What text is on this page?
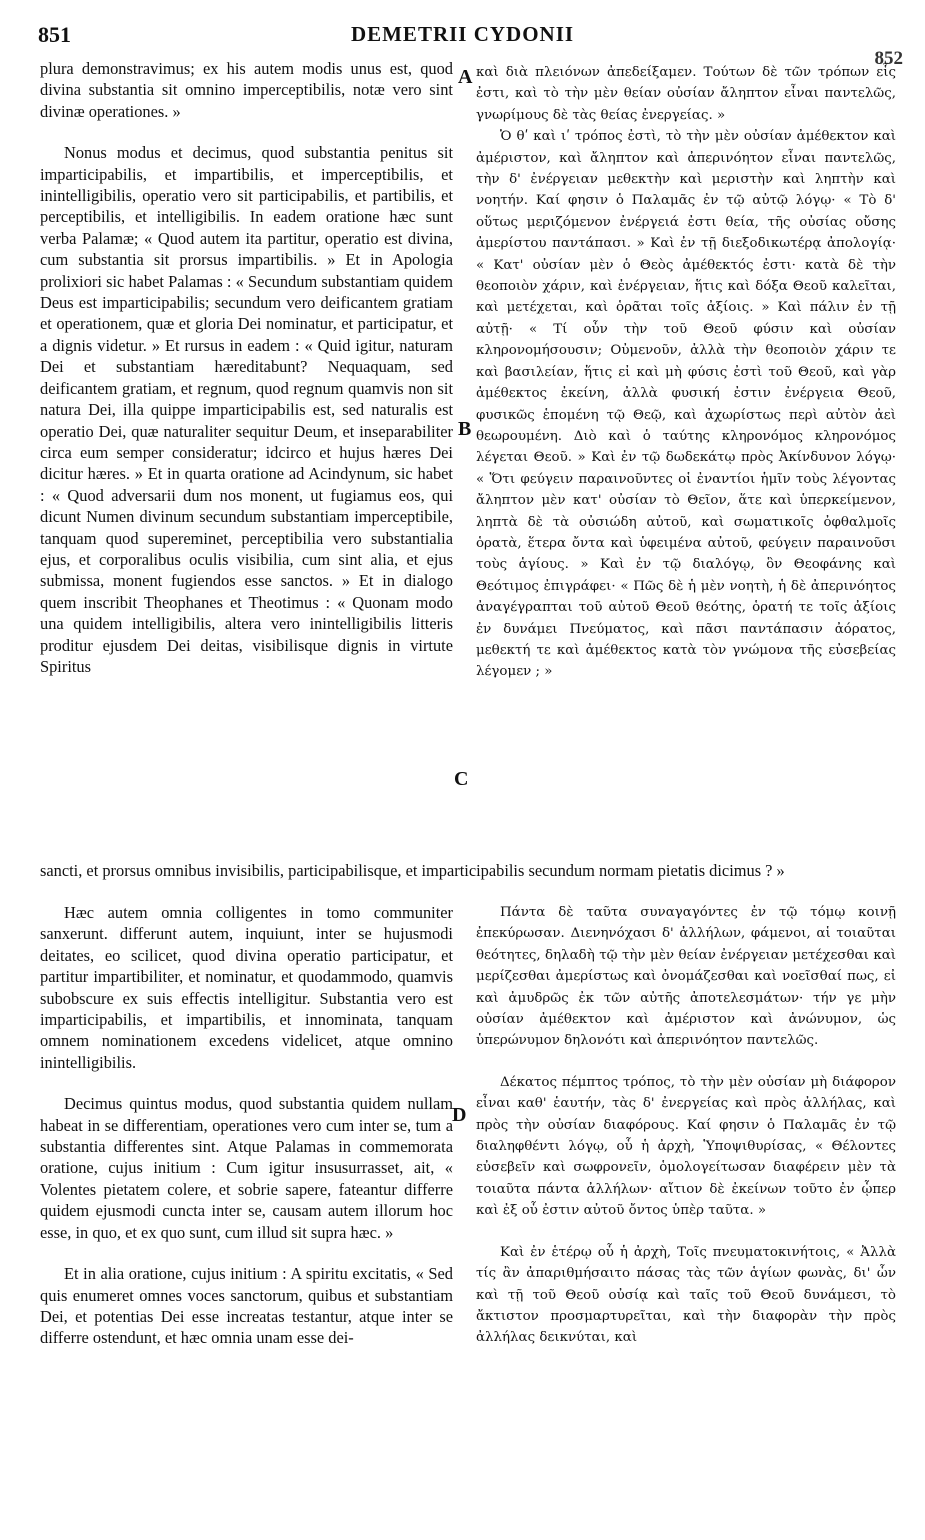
851	DEMETRII CYDONII
852

plura demonstravimus; ex his autem modis unus est, quod divina substantia sit omnino imperceptibilis, notæ vero sint divinæ operationes. »

Nonus modus et decimus, quod substantia penitus sit imparticipabilis, et impartibilis, et imperceptibilis, et inintelligibilis, operatio vero sit participabilis, et partibilis, et perceptibilis, et intelligibilis. In eadem oratione hæc sunt verba Palamæ; « Quod autem ita partitur, operatio est divina, cum substantia sit prorsus impartibilis. » Et in Apologia prolixiori sic habet Palamas : « Secundum substantiam quidem Deus est imparticipabilis; secundum vero deificantem gratiam et operationem, quæ et gloria Dei nominatur, et participatur, et a dignis videtur. » Et rursus in eadem : « Quid igitur, naturam Dei et substantiam hæreditabunt? Nequaquam, sed deificantem gratiam, et regnum, quod regnum quamvis non sit natura Dei, illa quippe imparticipabilis est, sed naturalis est operatio Dei, quæ naturaliter sequitur Deum, et inseparabiliter circa eum semper consideratur; idcirco et hujus hæres Dei dicitur hæres. » Et in quarta oratione ad Acindynum, sic habet : « Quod adversarii dum nos monent, ut fugiamus eos, qui dicunt Numen divinum secundum substantiam imperceptibile, tanquam quod supereminet, perceptibilia vero substantialia ejus, et corporalibus oculis visibilia, cum sint alia, et ejus submissa, monent fugiendos esse sanctos. » Et in dialogo quem inscribit Theophanes et Theotimus : « Quonam modo una quidem intelligibilis, altera vero inintelligibilis litteris proditur ejusdem Dei deitas, visibilisque dignis in virtute Spiritus

sancti, et prorsus omnibus invisibilis, participabilisque, et imparticipabilis secundum normam pietatis dicimus ? »

Hæc autem omnia colligentes in tomo communiter sanxerunt. differunt autem, inquiunt, inter se hujusmodi deitates, eo scilicet, quod divina operatio participatur, et partitur impartibiliter, et nominatur, et quodammodo, quamvis subobscure ex suis effectis intelligitur. Substantia vero est imparticipabilis, et impartibilis, et innominata, tanquam omnem nominationem excedens videlicet, atque omnino inintelligibilis.

Decimus quintus modus, quod substantia quidem nullam habeat in se differentiam, operationes vero cum inter se, tum a substantia differentes sint. Atque Palamas in commemorata oratione, cujus initium : Cum igitur insusurrasset, ait, « Volentes pietatem colere, et sobrie sapere, fateantur differre quidem ejusmodi cuncta inter se, causam autem illorum hoc esse, in quo, et ex quo sunt, cum illud sit supra hæc. »

Et in alia oratione, cujus initium : A spiritu excitatis, « Sed quis enumeret omnes voces sanctorum, quibus et substantiam Dei, et potentias Dei esse increatas testantur, atque inter se differre ostendunt, et hæc omnia unam esse dei-

καὶ διὰ πλειόνων ἀπεδείξαμεν. Τούτων δὲ τῶν τρόπων εἷς ἐστι, καὶ τὸ τὴν μὲν θείαν οὐσίαν ἄληπτον εἶναι παντελῶς, γνωρίμους δὲ τὰς θείας ἐνεργείας. »

Ὁ θʹ καὶ ιʹ τρόπος ἐστὶ, τὸ τὴν μὲν οὐσίαν ἀμέθεκτον καὶ ἀμέριστον, καὶ ἄληπτον καὶ ἀπερινόητον εἶναι παντελῶς, τὴν δ' ἐνέργειαν μεθεκτὴν καὶ μεριστὴν καὶ ληπτὴν καὶ νοητήν. Καί φησιν ὁ Παλαμᾶς ἐν τῷ αὐτῷ λόγῳ· « Τὸ δ' οὕτως μεριζόμενον ἐνέργειά ἐστι θεία, τῆς οὐσίας οὔσης ἀμερίστου παντάπασι. » Καὶ ἐν τῇ διεξοδικωτέρᾳ ἀπολογίᾳ· « Κατ' οὐσίαν μὲν ὁ Θεὸς ἀμέθεκτός ἐστι· κατὰ δὲ τὴν θεοποιὸν χάριν, καὶ ἐνέργειαν, ἥτις καὶ δόξα Θεοῦ καλεῖται, καὶ μετέχεται, καὶ ὁρᾶται τοῖς ἀξίοις. » Καὶ πάλιν ἐν τῇ αὐτῇ· « Τί οὖν τὴν τοῦ Θεοῦ φύσιν καὶ οὐσίαν κληρονομήσουσιν; Οὐμενοῦν, ἀλλὰ τὴν θεοποιὸν χάριν τε καὶ βασιλείαν, ἥτις εἰ καὶ μὴ φύσις ἐστὶ τοῦ Θεοῦ, καὶ γὰρ ἀμέθεκτος ἐκείνη, ἀλλὰ φυσική ἐστιν ἐνέργεια Θεοῦ, φυσικῶς ἑπομένη τῷ Θεῷ, καὶ ἀχωρίστως περὶ αὐτὸν ἀεὶ θεωρουμένη. Διὸ καὶ ὁ ταύτης κληρονόμος κληρονόμος λέγεται Θεοῦ. » Καὶ ἐν τῷ δωδεκάτῳ πρὸς Ἀκίνδυνον λόγῳ· « Ὅτι φεύγειν παραινοῦντες οἱ ἐναντίοι ἡμῖν τοὺς λέγοντας ἄληπτον μὲν κατ' οὐσίαν τὸ Θεῖον, ἅτε καὶ ὑπερκείμενον, ληπτὰ δὲ τὰ οὐσιώδη αὐτοῦ, καὶ σωματικοῖς ὀφθαλμοῖς ὁρατὰ, ἕτερα ὄντα καὶ ὑφειμένα αὐτοῦ, φεύγειν παραινοῦσι τοὺς ἁγίους. » Καὶ ἐν τῷ διαλόγῳ, ὃν Θεοφάνης καὶ Θεότιμος ἐπιγράφει· « Πῶς δὲ ἡ μὲν νοητὴ, ἡ δὲ ἀπερινόητος ἀναγέγραπται τοῦ αὐτοῦ Θεοῦ θεότης, ὁρατή τε τοῖς ἀξίοις ἐν δυνάμει Πνεύματος, καὶ πᾶσι παντάπασιν ἀόρατος, μεθεκτή τε καὶ ἀμέθεκτος κατὰ τὸν γνώμονα τῆς εὐσεβείας λέγομεν ; »

Πάντα δὲ ταῦτα συναγαγόντες ἐν τῷ τόμῳ κοινῇ ἐπεκύρωσαν. Διενηνόχασι δ' ἀλλήλων, φάμενοι, αἱ τοιαῦται θεότητες, δηλαδὴ τῷ τὴν μὲν θείαν ἐνέργειαν μετέχεσθαι καὶ μερίζεσθαι ἀμερίστως καὶ ὀνομάζεσθαι καὶ νοεῖσθαί πως, εἰ καὶ ἀμυδρῶς ἐκ τῶν αὐτῆς ἀποτελεσμάτων· τήν γε μὴν οὐσίαν ἀμέθεκτον καὶ ἀμέριστον καὶ ἀνώνυμον, ὡς ὑπερώνυμον δηλονότι καὶ ἀπερινόητον παντελῶς.

Δέκατος πέμπτος τρόπος, τὸ τὴν μὲν οὐσίαν μὴ διάφορον εἶναι καθ' ἑαυτήν, τὰς δ' ἐνεργείας καὶ πρὸς ἀλλήλας, καὶ πρὸς τὴν οὐσίαν διαφόρους. Καί φησιν ὁ Παλαμᾶς ἐν τῷ διαληφθέντι λόγῳ, οὗ ἡ ἀρχὴ, Ὑποψιθυρίσας, « Θέλοντες εὐσεβεῖν καὶ σωφρονεῖν, ὁμολογείτωσαν διαφέρειν μὲν τὰ τοιαῦτα πάντα ἀλλήλων· αἴτιον δὲ ἐκείνων τοῦτο ἐν ᾧπερ καὶ ἐξ οὗ ἐστιν αὐτοῦ ὄντος ὑπὲρ ταῦτα. »

Καὶ ἐν ἑτέρῳ οὗ ἡ ἀρχὴ, Τοῖς πνευματοκινήτοις, « Ἀλλὰ τίς ἂν ἀπαριθμήσαιτο πάσας τὰς τῶν ἁγίων φωνὰς, δι' ὧν καὶ τῇ τοῦ Θεοῦ οὐσίᾳ καὶ ταῖς τοῦ Θεοῦ δυνάμεσι, τὸ ἄκτιστον προσμαρτυρεῖται, καὶ τὴν διαφορὰν τὴν πρὸς ἀλλήλας δεικνύται, καὶ

A
B
C
D
